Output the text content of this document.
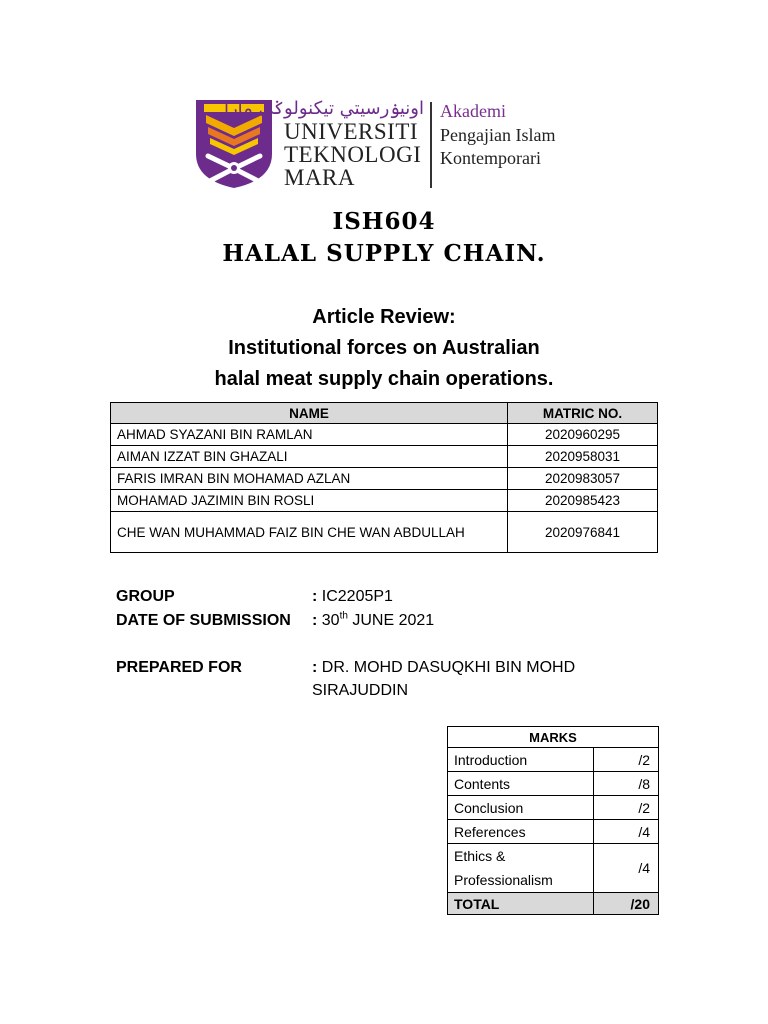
اونيۏرسيتي تيكنولوݢي مارا
UNIVERSITI
TEKNOLOGI
MARA
Akademi
Pengajian Islam
Kontemporari
ISH604
HALAL SUPPLY CHAIN.
Article Review:
Institutional forces on Australian
halal meat supply chain operations.
NAME	MATRIC NO.
AHMAD SYAZANI BIN RAMLAN	2020960295
AIMAN IZZAT BIN GHAZALI	2020958031
FARIS IMRAN BIN MOHAMAD AZLAN	2020983057
MOHAMAD JAZIMIN BIN ROSLI	2020985423
CHE WAN MUHAMMAD FAIZ BIN CHE WAN ABDULLAH	2020976841
GROUP	: IC2205P1
DATE OF SUBMISSION	: 30th JUNE 2021
PREPARED FOR	: DR. MOHD DASUQKHI BIN MOHD SIRAJUDDIN
MARKS	
Introduction	/2
Contents	/8
Conclusion	/2
References	/4
Ethics & Professionalism	/4
TOTAL	/20
